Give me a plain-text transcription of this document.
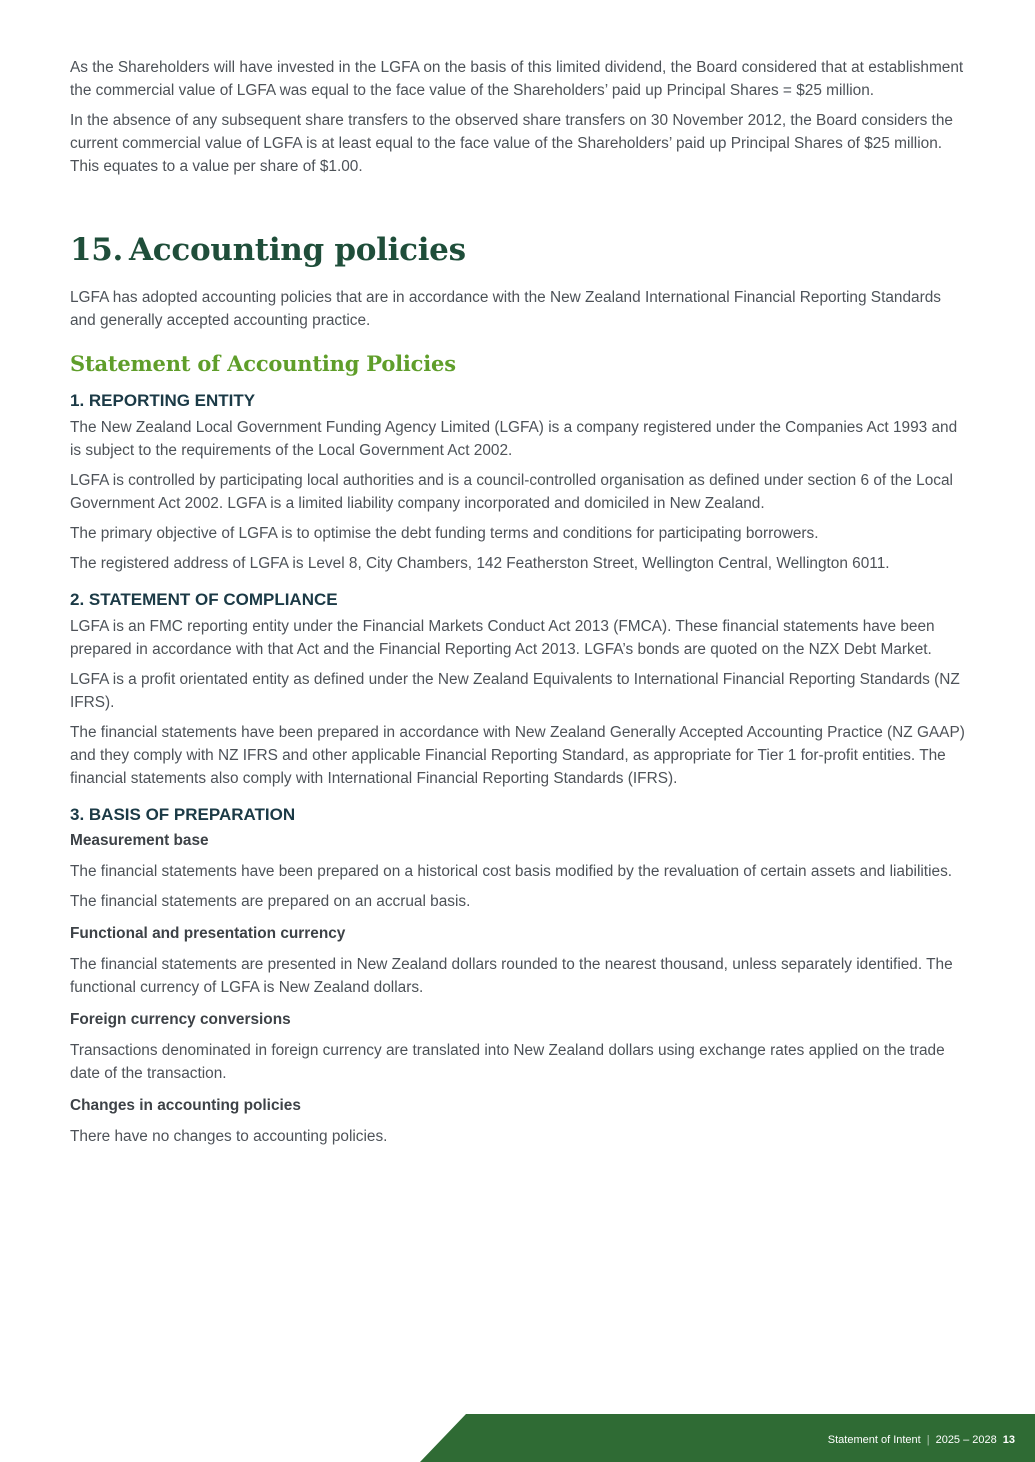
As the Shareholders will have invested in the LGFA on the basis of this limited dividend, the Board considered that at establishment the commercial value of LGFA was equal to the face value of the Shareholders’ paid up Principal Shares = $25 million.

In the absence of any subsequent share transfers to the observed share transfers on 30 November 2012, the Board considers the current commercial value of LGFA is at least equal to the face value of the Shareholders’ paid up Principal Shares of $25 million. This equates to a value per share of $1.00.

15. Accounting policies

LGFA has adopted accounting policies that are in accordance with the New Zealand International Financial Reporting Standards and generally accepted accounting practice.

Statement of Accounting Policies
1. REPORTING ENTITY

The New Zealand Local Government Funding Agency Limited (LGFA) is a company registered under the Companies Act 1993 and is subject to the requirements of the Local Government Act 2002.

LGFA is controlled by participating local authorities and is a council-controlled organisation as defined under section 6 of the Local Government Act 2002. LGFA is a limited liability company incorporated and domiciled in New Zealand.

The primary objective of LGFA is to optimise the debt funding terms and conditions for participating borrowers.

The registered address of LGFA is Level 8, City Chambers, 142 Featherston Street, Wellington Central, Wellington 6011.

2. STATEMENT OF COMPLIANCE

LGFA is an FMC reporting entity under the Financial Markets Conduct Act 2013 (FMCA). These financial statements have been prepared in accordance with that Act and the Financial Reporting Act 2013. LGFA’s bonds are quoted on the NZX Debt Market.

LGFA is a profit orientated entity as defined under the New Zealand Equivalents to International Financial Reporting Standards (NZ IFRS).

The financial statements have been prepared in accordance with New Zealand Generally Accepted Accounting Practice (NZ GAAP) and they comply with NZ IFRS and other applicable Financial Reporting Standard, as appropriate for Tier 1 for-profit entities. The financial statements also comply with International Financial Reporting Standards (IFRS).

3. BASIS OF PREPARATION
Measurement base

The financial statements have been prepared on a historical cost basis modified by the revaluation of certain assets and liabilities.

The financial statements are prepared on an accrual basis.

Functional and presentation currency

The financial statements are presented in New Zealand dollars rounded to the nearest thousand, unless separately identified. The functional currency of LGFA is New Zealand dollars.

Foreign currency conversions

Transactions denominated in foreign currency are translated into New Zealand dollars using exchange rates applied on the trade date of the transaction.

Changes in accounting policies

There have no changes to accounting policies.

Statement of Intent | 2025 – 2028 13
